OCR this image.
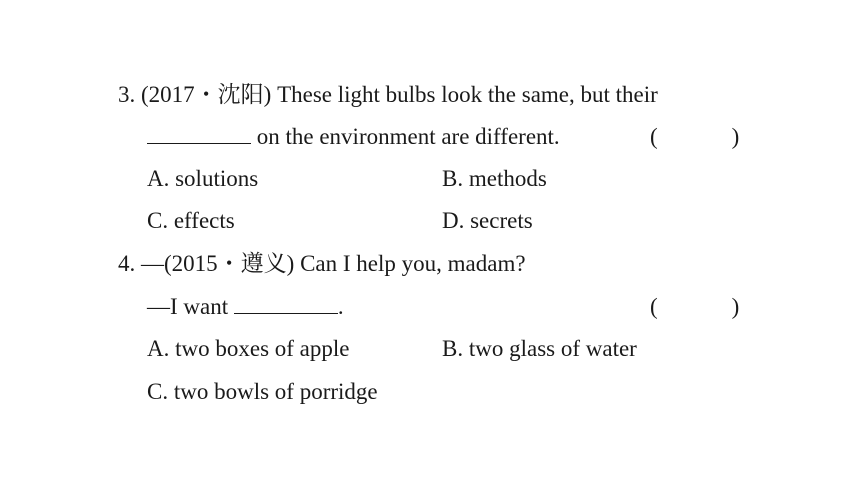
3. (2017・沈阳) These light bulbs look the same, but their
on the environment are different.	(	)
A. solutions	B. methods
C. effects	D. secrets
4. —(2015・遵义) Can I help you, madam?
—I want	.	(	)
A. two boxes of apple	B. two glass of water
C. two bowls of porridge
